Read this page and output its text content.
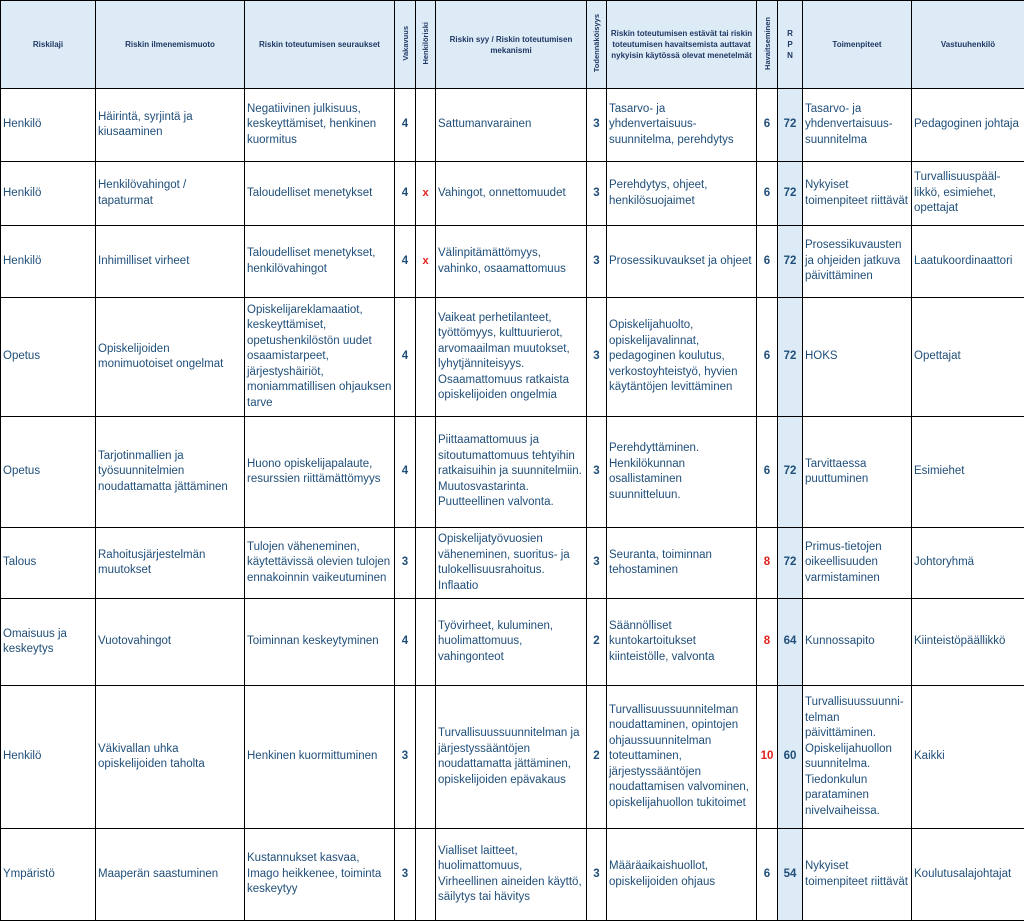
Riskilaji	Riskin ilmenemismuoto	Riskin toteutumisen seuraukset	Vakavuus	Henkilöriski	Riskin syy / Riskin toteutumisen mekanismi	Todennäköisyys	Riskin toteutumisen estävät tai riskin toteutumisen havaitsemista auttavat nykyisin käytössä olevat menetelmät	Havaitseminen	R P N	Toimenpiteet	Vastuuhenkilö
Henkilö	Häirintä, syrjintä ja kiusaaminen	Negatiivinen julkisuus, keskeyttämiset, henkinen kuormitus	4		Sattumanvarainen	3	Tasarvo- ja yhdenvertaisuus-suunnitelma, perehdytys	6	72	Tasarvo- ja yhdenvertaisuus-suunnitelma	Pedagoginen johtaja
Henkilö	Henkilövahingot / tapaturmat	Taloudelliset menetykset	4	x	Vahingot, onnettomuudet	3	Perehdytys, ohjeet, henkilösuojaimet	6	72	Nykyiset toimenpiteet riittävät	Turvallisuuspääl-likkö, esimiehet, opettajat
Henkilö	Inhimilliset virheet	Taloudelliset menetykset, henkilövahingot	4	x	Välinpitämättömyys, vahinko, osaamattomuus	3	Prosessikuvaukset ja ohjeet	6	72	Prosessikuvausten ja ohjeiden jatkuva päivittäminen	Laatukoordinaattori
Opetus	Opiskelijoiden monimuotoiset ongelmat	Opiskelijareklamaatiot, keskeyttämiset, opetushenkilöstön uudet osaamistarpeet, järjestyshäiriöt, moniammatillisen ohjauksen tarve	4		Vaikeat perhetilanteet, työttömyys, kulttuurierot, arvomaailman muutokset, lyhytjänniteisyys. Osaamattomuus ratkaista opiskelijoiden ongelmia	3	Opiskelijahuolto, opiskelijavalinnat, pedagoginen koulutus, verkostoyhteistyö, hyvien käytäntöjen levittäminen	6	72	HOKS	Opettajat
Opetus	Tarjotinmallien ja työsuunnitelmien noudattamatta jättäminen	Huono opiskelijapalaute, resurssien riittämättömyys	4		Piittaamattomuus ja sitoutumattomuus tehtyihin ratkaisuihin ja suunnitelmiin. Muutosvastarinta. Puutteellinen valvonta.	3	Perehdyttäminen. Henkilökunnan osallistaminen suunnitteluun.	6	72	Tarvittaessa puuttuminen	Esimiehet
Talous	Rahoitusjärjestelmän muutokset	Tulojen väheneminen, käytettävissä olevien tulojen ennakoinnin vaikeutuminen	3		Opiskelijatyövuosien väheneminen, suoritus- ja tulokellisuusrahoitus. Inflaatio	3	Seuranta, toiminnan tehostaminen	8	72	Primus-tietojen oikeellisuuden varmistaminen	Johtoryhmä
Omaisuus ja keskeytys	Vuotovahingot	Toiminnan keskeytyminen	4		Työvirheet, kuluminen, huolimattomuus, vahingonteot	2	Säännölliset kuntokartoitukset kiinteistölle, valvonta	8	64	Kunnossapito	Kiinteistöpäällikkö
Henkilö	Väkivallan uhka opiskelijoiden taholta	Henkinen kuormittuminen	3		Turvallisuussuunnitelman ja järjestyssääntöjen noudattamatta jättäminen, opiskelijoiden epävakaus	2	Turvallisuussuunnitelman noudattaminen, opintojen ohjaussuunnitelman toteuttaminen, järjestyssääntöjen noudattamisen valvominen, opiskelijahuollon tukitoimet	10	60	Turvallisuussuunni-telman päivittäminen. Opiskelijahuollon suunnitelma. Tiedonkulun parataminen nivelvaiheissa.	Kaikki
Ympäristö	Maaperän saastuminen	Kustannukset kasvaa, Imago heikkenee, toiminta keskeytyy	3		Vialliset laitteet, huolimattomuus, Virheellinen aineiden käyttö, säilytys tai hävitys	3	Määräaikaishuollot, opiskelijoiden ohjaus	6	54	Nykyiset toimenpiteet riittävät	Koulutusalajohtajat
